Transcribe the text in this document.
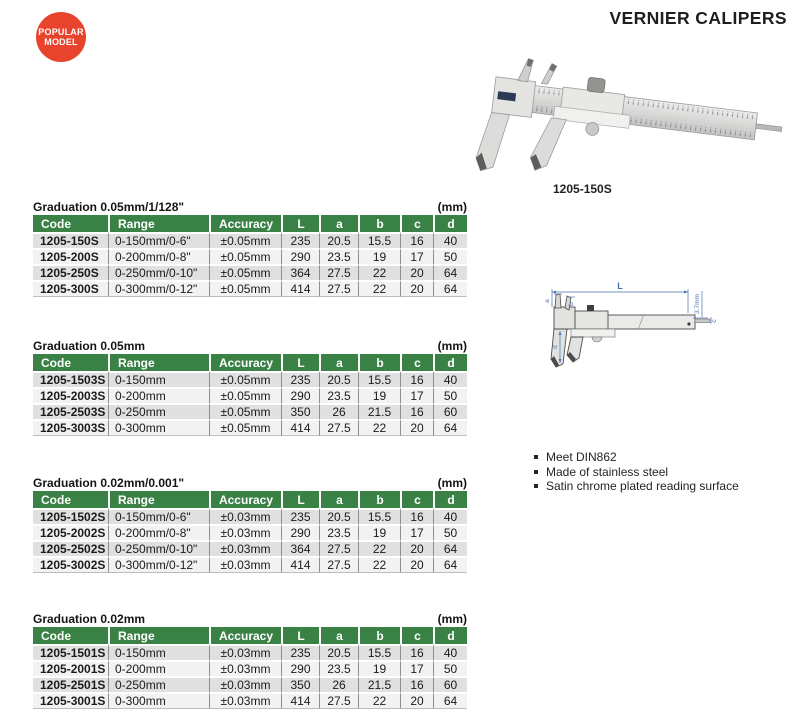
POPULAR
MODEL
VERNIER CALIPERS
1205-150S
Graduation 0.05mm/1/128"	(mm)
Code	Range	Accuracy	L	a	b	c	d
1205-150S	0-150mm/0-6"	±0.05mm	235	20.5	15.5	16	40
1205-200S	0-200mm/0-8"	±0.05mm	290	23.5	19	17	50
1205-250S	0-250mm/0-10"	±0.05mm	364	27.5	22	20	64
1205-300S	0-300mm/0-12"	±0.05mm	414	27.5	22	20	64
Graduation 0.05mm	(mm)
Code	Range	Accuracy	L	a	b	c	d
1205-1503S	0-150mm	±0.05mm	235	20.5	15.5	16	40
1205-2003S	0-200mm	±0.05mm	290	23.5	19	17	50
1205-2503S	0-250mm	±0.05mm	350	26	21.5	16	60
1205-3003S	0-300mm	±0.05mm	414	27.5	22	20	64
Graduation 0.02mm/0.001"	(mm)
Code	Range	Accuracy	L	a	b	c	d
1205-1502S	0-150mm/0-6"	±0.03mm	235	20.5	15.5	16	40
1205-2002S	0-200mm/0-8"	±0.03mm	290	23.5	19	17	50
1205-2502S	0-250mm/0-10"	±0.03mm	364	27.5	22	20	64
1205-3002S	0-300mm/0-12"	±0.03mm	414	27.5	22	20	64
Graduation 0.02mm	(mm)
Code	Range	Accuracy	L	a	b	c	d
1205-1501S	0-150mm	±0.03mm	235	20.5	15.5	16	40
1205-2001S	0-200mm	±0.03mm	290	23.5	19	17	50
1205-2501S	0-250mm	±0.03mm	350	26	21.5	16	60
1205-3001S	0-300mm	±0.03mm	414	27.5	22	20	64
L
a
b	3.7mm
d
c
Meet DIN862
Made of stainless steel
Satin chrome plated reading surface
